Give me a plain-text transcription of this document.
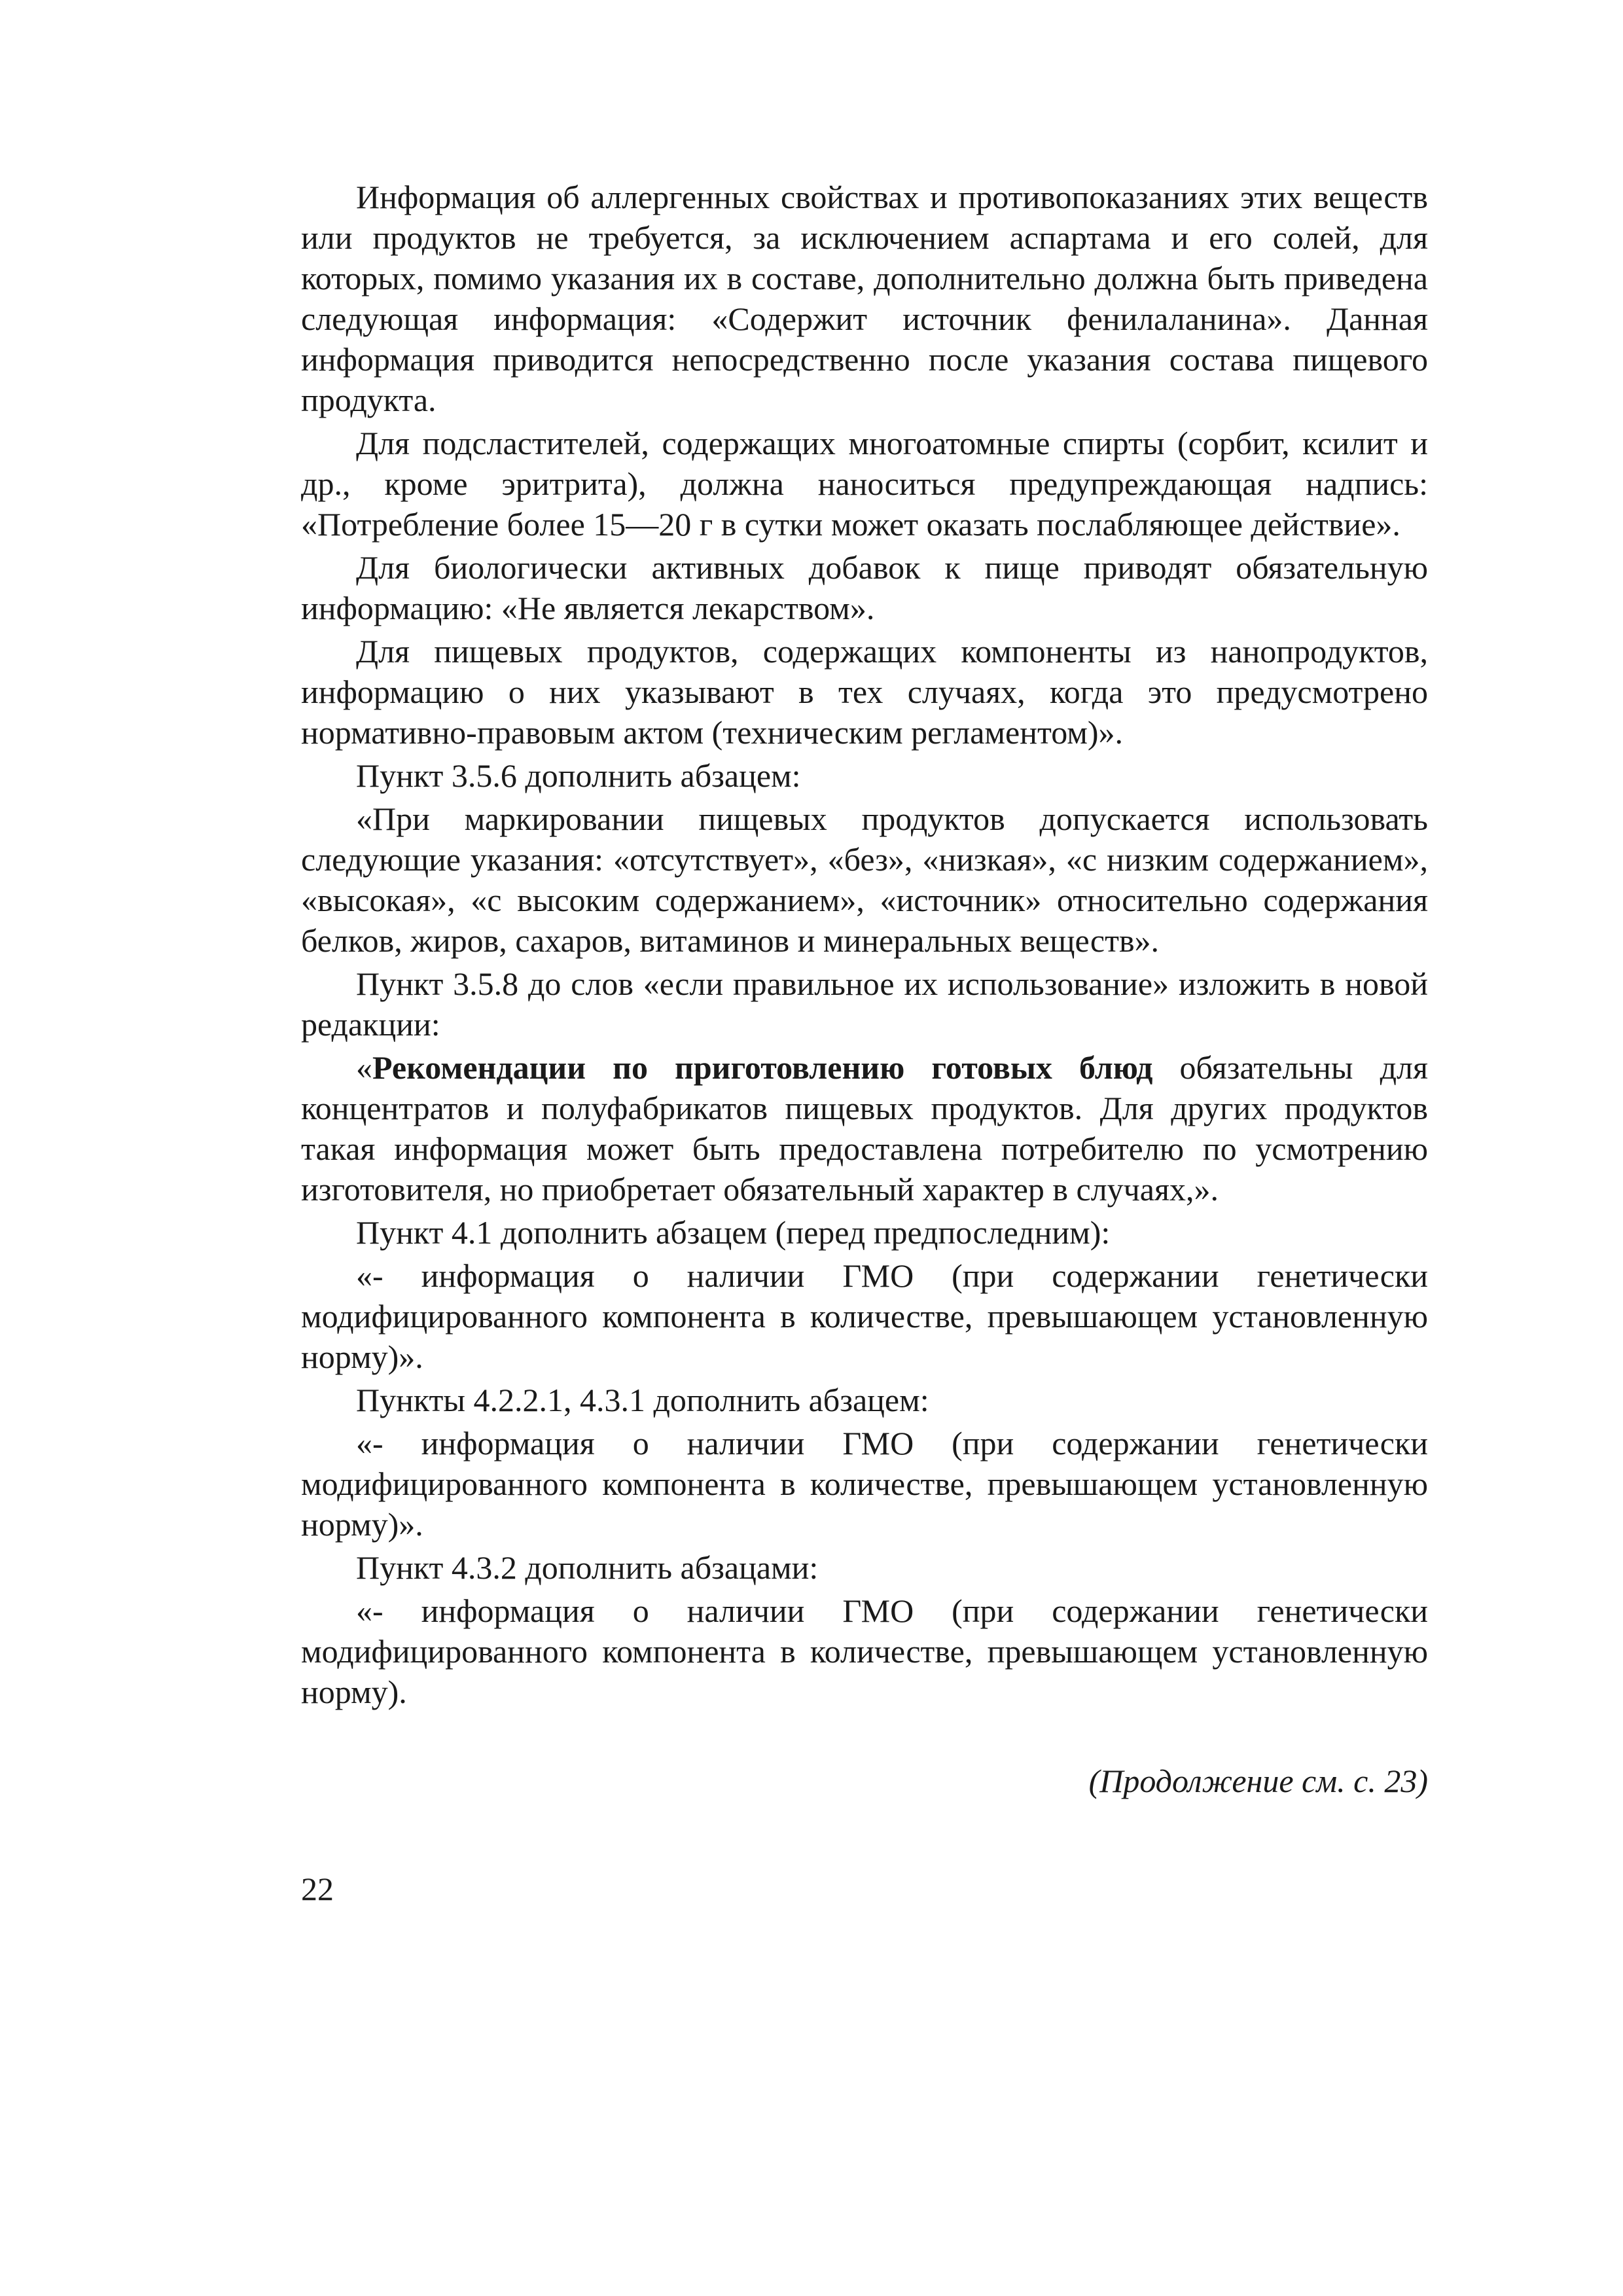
Информация об аллергенных свойствах и противопоказаниях этих веществ или продуктов не требуется, за исключением аспартама и его солей, для которых, помимо указания их в составе, дополнительно должна быть приведена следующая информация: «Содержит источник фенилаланина». Данная информация приводится непосредственно после указания состава пищевого продукта.

Для подсластителей, содержащих многоатомные спирты (сорбит, ксилит и др., кроме эритрита), должна наноситься предупреждающая надпись: «Потребление более 15—20 г в сутки может оказать послабляющее действие».

Для биологически активных добавок к пище приводят обязательную информацию: «Не является лекарством».

Для пищевых продуктов, содержащих компоненты из нанопродуктов, информацию о них указывают в тех случаях, когда это предусмотрено нормативно-правовым актом (техническим регламентом)».

Пункт 3.5.6 дополнить абзацем:

«При маркировании пищевых продуктов допускается использовать следующие указания: «отсутствует», «без», «низкая», «с низким содержанием», «высокая», «с высоким содержанием», «источник» относительно содержания белков, жиров, сахаров, витаминов и минеральных веществ».

Пункт 3.5.8 до слов «если правильное их использование» изложить в новой редакции:

«Рекомендации по приготовлению готовых блюд обязательны для концентратов и полуфабрикатов пищевых продуктов. Для других продуктов такая информация может быть предоставлена потребителю по усмотрению изготовителя, но приобретает обязательный характер в случаях,».

Пункт 4.1 дополнить абзацем (перед предпоследним):

«- информация о наличии ГМО (при содержании генетически модифицированного компонента в количестве, превышающем установленную норму)».

Пункты 4.2.2.1, 4.3.1 дополнить абзацем:

«- информация о наличии ГМО (при содержании генетически модифицированного компонента в количестве, превышающем установленную норму)».

Пункт 4.3.2 дополнить абзацами:

«- информация о наличии ГМО (при содержании генетически модифицированного компонента в количестве, превышающем установленную норму).

(Продолжение см. с. 23)
22
